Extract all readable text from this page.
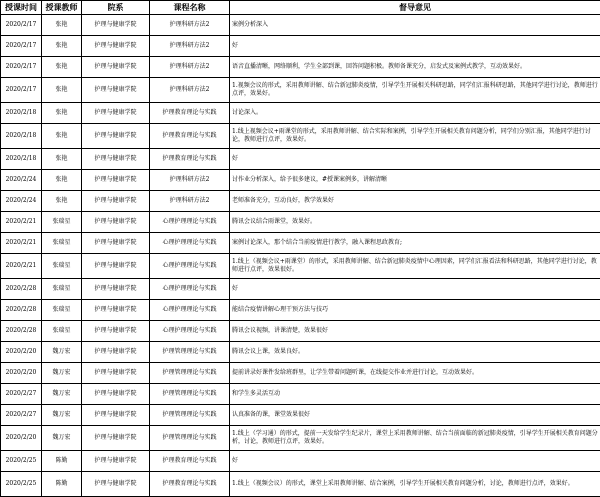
授课时间	授课教师	院系	课程名称	督导意见
2020/2/17	张艳	护理与健康学院	护理科研方法2	案例分析深入
2020/2/17	张艳	护理与健康学院	护理科研方法2	好
2020/2/17	张艳	护理与健康学院	护理科研方法2	语音直播清晰，网络顺利，学生全部到课，回答问题积极。教师备课充分，启发式及案例式教学，互动效果好。
2020/2/17	张艳	护理与健康学院	护理科研方法2	1.视频会议的形式，采用教师讲解、结合新冠肺炎疫情，引导学生开展相关科研思路，同学们汇报科研思路，其他同学进行讨论，教师进行点评，效果好。
2020/2/18	张艳	护理与健康学院	护理教育理论与实践	讨论深入。
2020/2/18	张艳	护理与健康学院	护理教育理论与实践	1.线上视频会议+雨课堂的形式，采用教师讲解、结合实际和案例，引导学生开展相关教育问题分析，同学们分别汇报，其他同学进行讨论，教师进行点评，效果好。
2020/2/18	张艳	护理与健康学院	护理教育理论与实践	好
2020/2/24	张艳	护理与健康学院	护理科研方法2	讨作业分析深入，给予很多建议，#授课案例多，讲解清晰
2020/2/24	张艳	护理与健康学院	护理科研方法2	老师准备充分，互动良好，教学效果好
2020/2/21	张瑞星	护理与健康学院	心理护理理论与实践	腾讯会议结合雨课堂，效果好。
2020/2/21	张瑞星	护理与健康学院	心理护理理论与实践	案例讨论深入，那个结合当前疫情进行教学，融入课程思政教育;
2020/2/21	张瑞星	护理与健康学院	心理护理理论与实践	1.线上（视频会议+雨课堂）的形式，采用教师讲解、结合新冠肺炎疫情中心理因素，同学们汇报看法和科研思路，其他同学进行讨论，教师进行点评，效果很好。
2020/2/28	张瑞星	护理与健康学院	心理护理理论与实践	好
2020/2/28	张瑞星	护理与健康学院	心理护理理论与实践	能结合疫情讲解心理干预方法与技巧
2020/2/28	张瑞星	护理与健康学院	心理护理理论与实践	腾讯会议视频，讲课清楚，效果很好
2020/2/20	魏万宏	护理与健康学院	护理管理理论与实践	腾讯会议上课，效果良好。
2020/2/20	魏万宏	护理与健康学院	护理管理理论与实践	提前讲录好课件发给班群里，让学生带着问题听课，在线提交作业并进行讨论，互动效果好。
2020/2/27	魏万宏	护理与健康学院	护理管理理论与实践	和学生多灵活互动
2020/2/27	魏万宏	护理与健康学院	护理管理理论与实践	认真准备的课，课堂效果很好
2020/2/20	魏万宏	护理与健康学院	护理管理理论与实践	1.线上（学习通）的形式，提前一天发给学生纪录片，课堂上采用教师讲解、结合当前面临的新冠肺炎疫情，引导学生开展相关教育问题分析，讨论，教师进行点评，效果好。
2020/2/25	陈勤	护理与健康学院	护理教育理论与实践	好
2020/2/25	陈勤	护理与健康学院	护理教育理论与实践	1.线上（视频会议）的形式，课堂上采用教师讲解、结合案例，引导学生开展相关教育问题分析，讨论，教师进行点评，效果好。
